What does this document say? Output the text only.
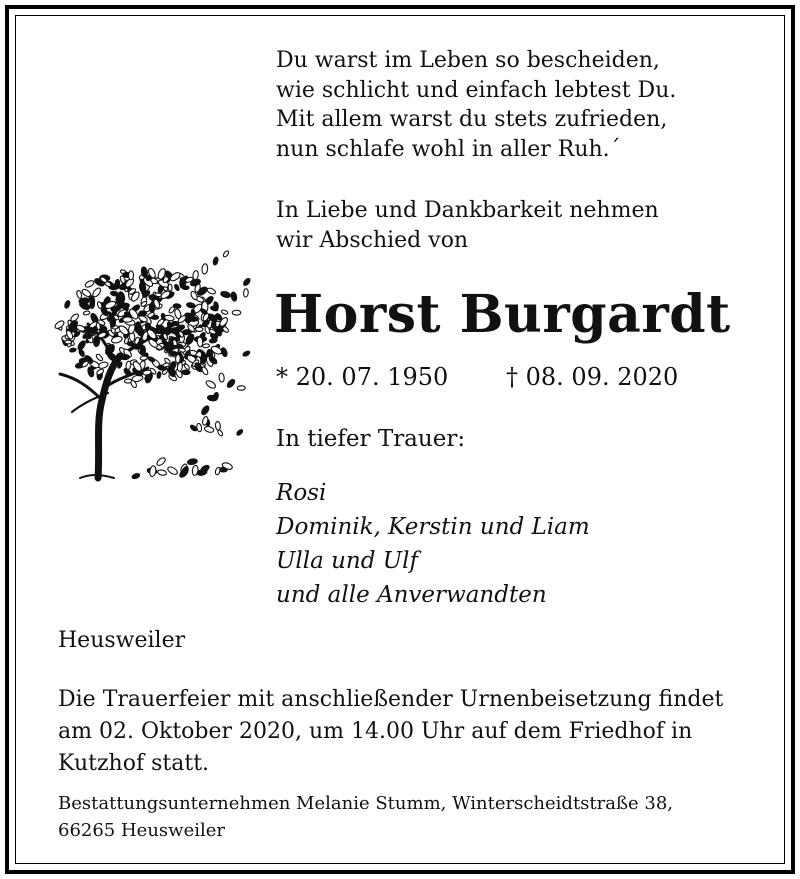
Du warst im Leben so bescheiden,
wie schlicht und einfach lebtest Du.
Mit allem warst du stets zufrieden,
nun schlafe wohl in aller Ruh.´
In Liebe und Dankbarkeit nehmen
wir Abschied von
Horst Burgardt
* 20. 07. 1950 † 08. 09. 2020
In tiefer Trauer:
Rosi
Dominik, Kerstin und Liam
Ulla und Ulf
und alle Anverwandten
Heusweiler
Die Trauerfeier mit anschließender Urnenbeisetzung findet
am 02. Oktober 2020, um 14.00 Uhr auf dem Friedhof in
Kutzhof statt.
Bestattungsunternehmen Melanie Stumm, Winterscheidtstraße 38,
66265 Heusweiler
